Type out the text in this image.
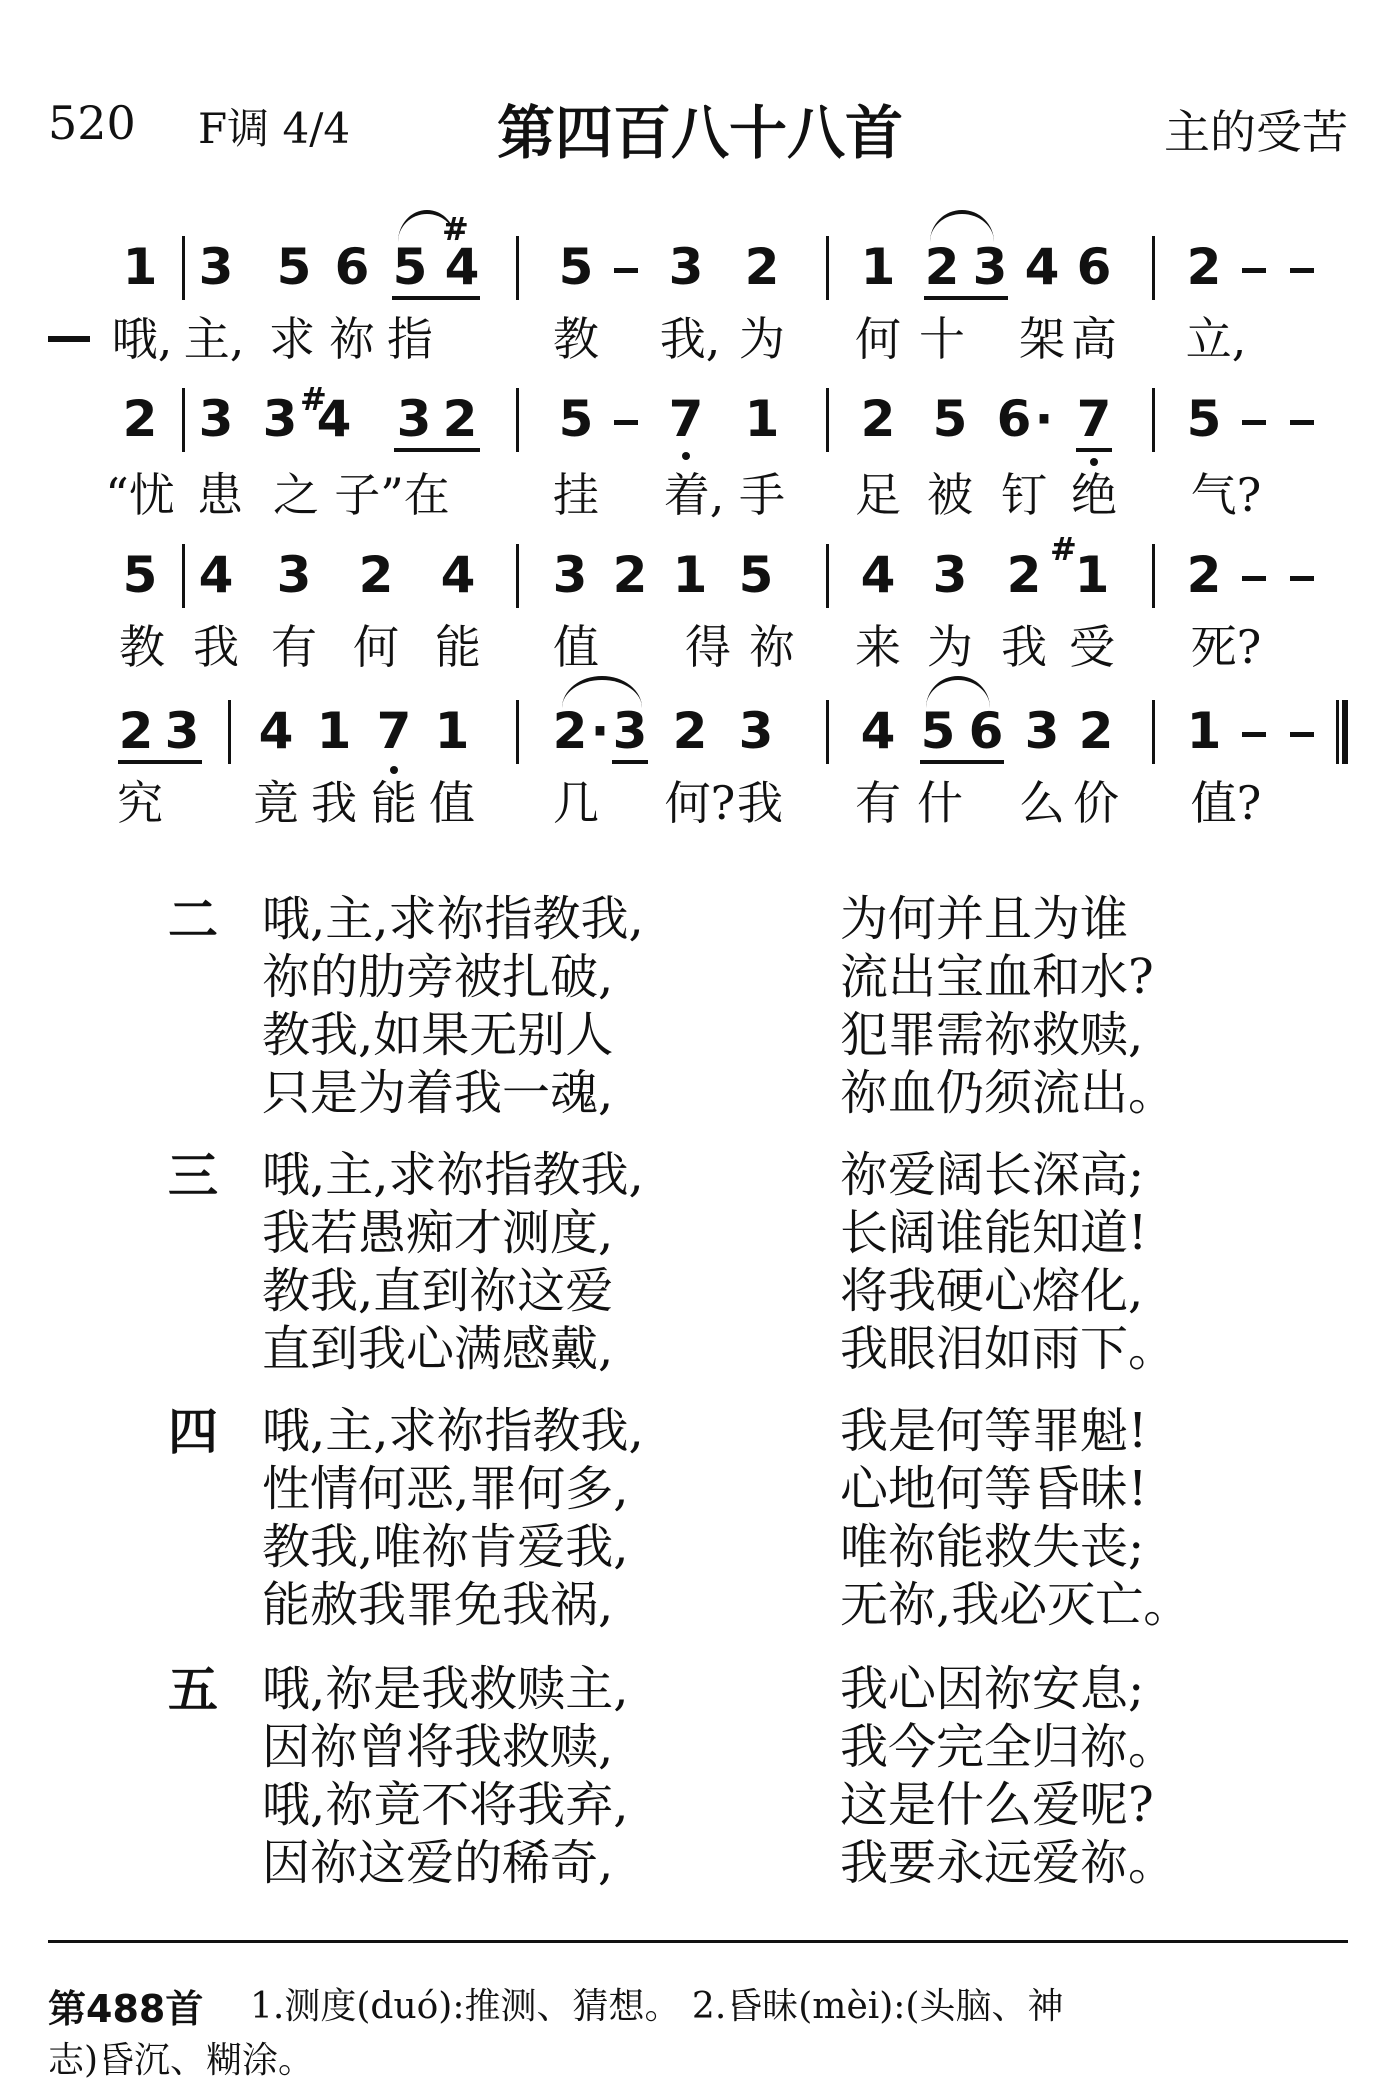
520 F调 4/4	第四百八十八首	主的受苦
1 3 5 6 5
#
4 5 3 2 1 2 3 4 6 2
哦, 主, 求 祢 指	教 我, 为 何 十 架 高 立,
2 3 3 #
4 3 2 5 7 1 2 5 6 · 7 5
“忧 患 之 子”在 挂 着, 手 足 被 钉 绝 气?
5 4 3 2 4 3 2 1 5 4 3 2 #
1 2
教 我 有 何 能 值 得 祢 来 为 我 受 死?
2 3 4 1 7 1 2 · 3 2 3 4 5 6 3 2 1
究 竟 我 能 值 几 何? 我 有 什 么 价 值?
二 哦,主,求祢指教我,	为何并且为谁
祢的肋旁被扎破,	流出宝血和水?
教我,如果无别人	犯罪需祢救赎,
只是为着我一魂,	祢血仍须流出。
三 哦,主,求祢指教我,	祢爱阔长深高;
我若愚痴才测度,	长阔谁能知道!
教我,直到祢这爱	将我硬心熔化,
直到我心满感戴,	我眼泪如雨下。
四 哦,主,求祢指教我,	我是何等罪魁!
性情何恶,罪何多,	心地何等昏昧!
教我,唯祢肯爱我,	唯祢能救失丧;
能赦我罪免我祸,	无祢,我必灭亡。
五 哦,祢是我救赎主,	我心因祢安息;
因祢曾将我救赎,	我今完全归祢。
哦,祢竟不将我弃,	这是什么爱呢?
因祢这爱的稀奇,	我要永远爱祢。
第488首 1.测度(duó):推测、猜想。 2.昏昧(mèi):(头脑、神
志)昏沉、糊涂。
